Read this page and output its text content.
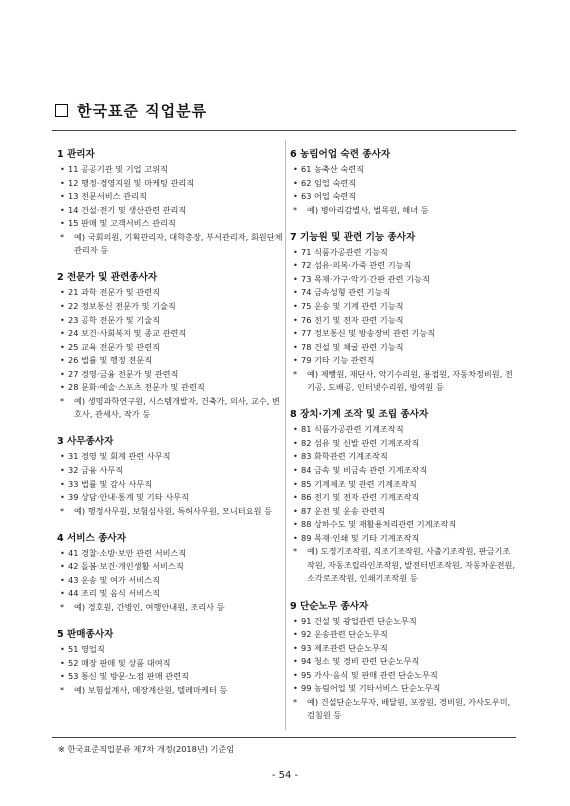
한국표준 직업분류
1 관리자
• 11 공공기관 및 기업 고위직
• 12 행정·경영지원 및 마케팅 관리직
• 13 전문서비스 관리직
• 14 건설·전기 및 생산관련 관리직
• 15 판매 및 고객서비스 관리직
* 예) 국회의원, 기획관리자, 대학총장, 부서관리자, 회원단체관리자 등
2 전문가 및 관련종사자
• 21 과학 전문가 및 관련직
• 22 정보통신 전문가 및 기술직
• 23 공학 전문가 및 기술직
• 24 보건·사회복지 및 종교 관련직
• 25 교육 전문가 및 관련직
• 26 법률 및 행정 전문직
• 27 경영·금융 전문가 및 관련직
• 28 문화·예술·스포츠 전문가 및 관련직
* 예) 생명과학연구원, 시스템개발자, 건축가, 의사, 교수, 변호사, 관세사, 작가 등
3 사무종사자
• 31 경영 및 회계 관련 사무직
• 32 금융 사무직
• 33 법률 및 감사 사무직
• 39 상담·안내·통계 및 기타 사무직
* 예) 행정사무원, 보험심사원, 특허사무원, 모니터요원 등
4 서비스 종사자
• 41 경찰·소방·보안 관련 서비스직
• 42 돌봄·보건·개인생활 서비스직
• 43 운송 및 여가 서비스직
• 44 조리 및 음식 서비스직
* 예) 경호원, 간병인, 여행안내원, 조리사 등
5 판매종사자
• 51 영업직
• 52 매장 판매 및 상품 대여직
• 53 통신 및 방문·노점 판매 관련직
* 예) 보험설계사, 매장계산원, 텔레마케터 등
6 농림어업 숙련 종사자
• 61 농축산 숙련직
• 62 임업 숙련직
• 63 어업 숙련직
* 예) 병아리감별사, 벌목원, 해녀 등
7 기능원 및 관련 기능 종사자
• 71 식품가공관련 기능직
• 72 섬유·의복·가죽 관련 기능직
• 73 목재·가구·악기·간판 관련 기능직
• 74 금속성형 관련 기능직
• 75 운송 및 기계 관련 기능직
• 76 전기 및 전자 관련 기능직
• 77 정보통신 및 방송장비 관련 기능직
• 78 건설 및 채굴 관련 기능직
• 79 기타 기능 관련직
* 예) 제빵원, 재단사, 악기수리원, 용접원, 자동차정비원, 전기공, 도배공, 인터넷수리원, 방역원 등
8 장치·기계 조작 및 조립 종사자
• 81 식품가공관련 기계조작직
• 82 섬유 및 신발 관련 기계조작직
• 83 화학관련 기계조작직
• 84 금속 및 비금속 관련 기계조작직
• 85 기계제조 및 관련 기계조작직
• 86 전기 및 전자 관련 기계조작직
• 87 운전 및 운송 관련직
• 88 상하수도 및 재활용처리관련 기계조작직
• 89 목재·인쇄 및 기타 기계조작직
* 예) 도정기조작원, 직조기조작원, 사출기조작원, 판금기조작원, 자동조립라인조작원, 발전터빈조작원, 자동차운전원, 소각로조작원, 인쇄기조작원 등
9 단순노무 종사자
• 91 건설 및 광업관련 단순노무직
• 92 운송관련 단순노무직
• 93 제조관련 단순노무직
• 94 청소 및 경비 관련 단순노무직
• 95 가사·음식 및 판매 관련 단순노무직
• 99 농림어업 및 기타서비스 단순노무직
* 예) 건설단순노무자, 배달원, 포장원, 경비원, 가사도우미, 검침원 등
※ 한국표준직업분류 제7차 개정(2018년) 기준임
- 54 -
